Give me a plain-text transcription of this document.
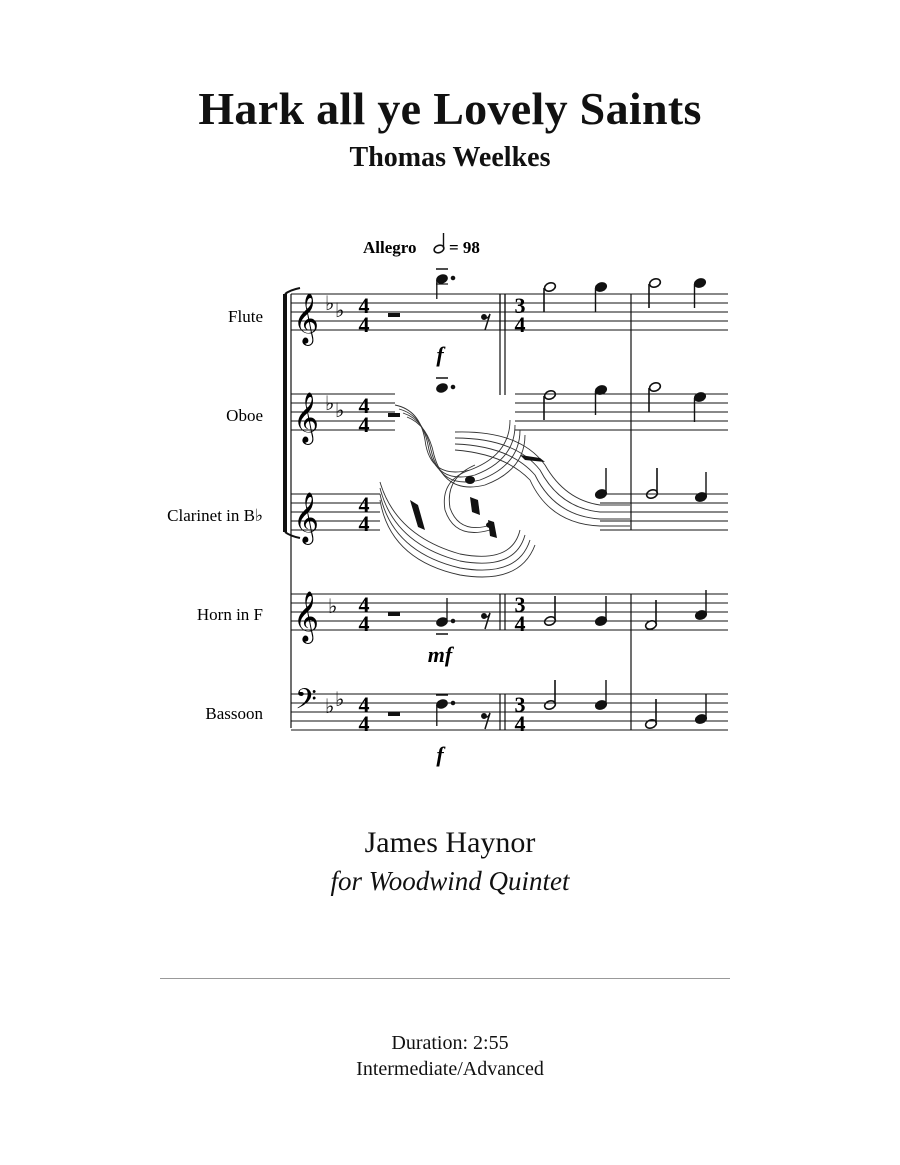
Hark all ye Lovely Saints
Thomas Weelkes
Allegro = 98
Flute
Oboe
Clarinet in B♭
Horn in F
Bassoon
𝄞
𝄞
𝄞
𝄞
𝄢
♭ ♭
♭ ♭
♭
♭ ♭
4
4
4
4
4
4
4
4
4
4
3
4
3
4
3
4
f
mf
f
James Haynor
for Woodwind Quintet
Duration: 2:55
Intermediate/Advanced
